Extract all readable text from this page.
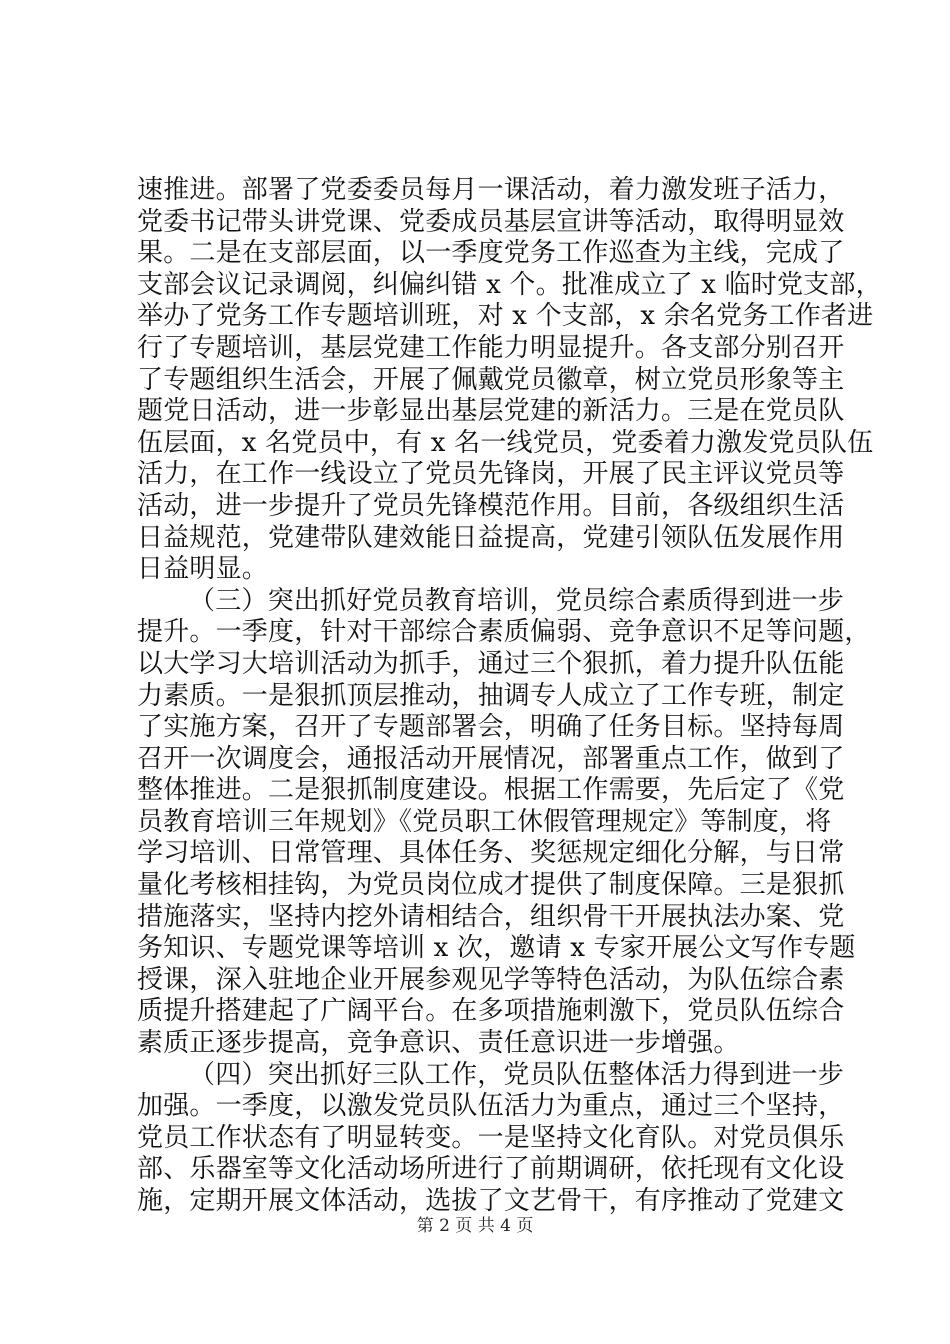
速推进。部署了党委委员每月一课活动，着力激发班子活力，
党委书记带头讲党课、党委成员基层宣讲等活动，取得明显效
果。二是在支部层面，以一季度党务工作巡查为主线，完成了
支部会议记录调阅，纠偏纠错 x 个。批准成立了 x 临时党支部，
举办了党务工作专题培训班，对 x 个支部，x 余名党务工作者进
行了专题培训，基层党建工作能力明显提升。各支部分别召开
了专题组织生活会，开展了佩戴党员徽章，树立党员形象等主
题党日活动，进一步彰显出基层党建的新活力。三是在党员队
伍层面，x 名党员中，有 x 名一线党员，党委着力激发党员队伍
活力，在工作一线设立了党员先锋岗，开展了民主评议党员等
活动，进一步提升了党员先锋模范作用。目前，各级组织生活
日益规范，党建带队建效能日益提高，党建引领队伍发展作用
日益明显。
（三）突出抓好党员教育培训，党员综合素质得到进一步
提升。一季度，针对干部综合素质偏弱、竞争意识不足等问题，
以大学习大培训活动为抓手，通过三个狠抓，着力提升队伍能
力素质。一是狠抓顶层推动，抽调专人成立了工作专班，制定
了实施方案，召开了专题部署会，明确了任务目标。坚持每周
召开一次调度会，通报活动开展情况，部署重点工作，做到了
整体推进。二是狠抓制度建设。根据工作需要，先后定了《党
员教育培训三年规划》《党员职工休假管理规定》等制度，将
学习培训、日常管理、具体任务、奖惩规定细化分解，与日常
量化考核相挂钩，为党员岗位成才提供了制度保障。三是狠抓
措施落实，坚持内挖外请相结合，组织骨干开展执法办案、党
务知识、专题党课等培训 x 次，邀请 x 专家开展公文写作专题
授课，深入驻地企业开展参观见学等特色活动，为队伍综合素
质提升搭建起了广阔平台。在多项措施刺激下，党员队伍综合
素质正逐步提高，竞争意识、责任意识进一步增强。
（四）突出抓好三队工作，党员队伍整体活力得到进一步
加强。一季度，以激发党员队伍活力为重点，通过三个坚持，
党员工作状态有了明显转变。一是坚持文化育队。对党员俱乐
部、乐器室等文化活动场所进行了前期调研，依托现有文化设
施，定期开展文体活动，选拔了文艺骨干，有序推动了党建文
第 2 页 共 4 页
